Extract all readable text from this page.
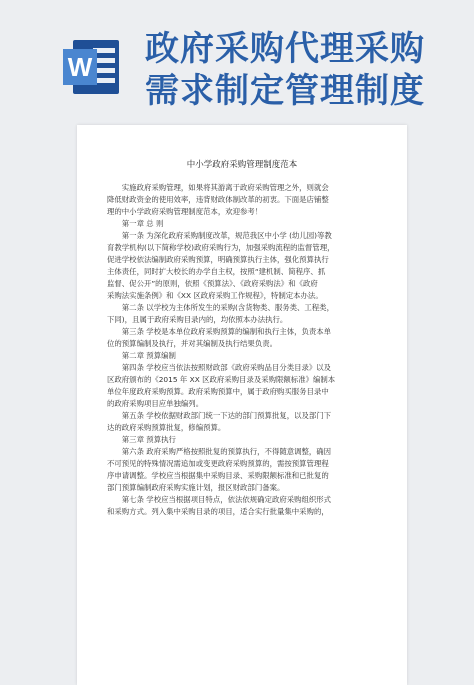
W 政府采购代理采购
需求制定管理制度
中小学政府采购管理制度范本
　　实施政府采购管理，如果将其游离于政府采购管理之外，则就会
降低财政资金的使用效率，违背财政体制改革的初衷。下面是店铺整
理的中小学政府采购管理制度范本，欢迎参考！
　　第一章 总 则
　　第一条 为深化政府采购制度改革，规范我区中小学 (幼儿园)等教
育教学机构(以下简称学校)政府采购行为，加强采购流程的监督管理，
促进学校依法编制政府采购预算，明确预算执行主体，强化预算执行
主体责任，同时扩大校长的办学自主权，按照“建机制、简程序、抓
监督、促公开”的原则，依照《预算法》、《政府采购法》和《政府
采购法实施条例》和《XX 区政府采购工作规程》，特制定本办法。
　　第二条 以学校为主体所发生的采购(含货物类、服务类、工程类，
下同)，且属于政府采购目录内的，均依照本办法执行。
　　第三条 学校是本单位政府采购预算的编制和执行主体，负责本单
位的预算编制及执行，并对其编制及执行结果负责。
　　第二章 预算编制
　　第四条 学校应当依法按照财政部《政府采购品目分类目录》以及
区政府颁布的《2015 年 XX 区政府采购目录及采购限额标准》编制本
单位年度政府采购预算。政府采购预算中，属于政府购买服务目录中
的政府采购项目应单独编列。
　　第五条 学校依据财政部门统一下达的部门预算批复，以及部门下
达的政府采购预算批复，修编预算。
　　第三章 预算执行
　　第六条 政府采购严格按照批复的预算执行，不得随意调整，确因
不可预见的特殊情况需追加或变更政府采购预算的，需按预算管理程
序申请调整。学校应当根据集中采购目录、采购限额标准和已批复的
部门预算编制政府采购实施计划，报区财政部门备案。
　　第七条 学校应当根据项目特点，依法依规确定政府采购组织形式
和采购方式。列入集中采购目录的项目，适合实行批量集中采购的，
